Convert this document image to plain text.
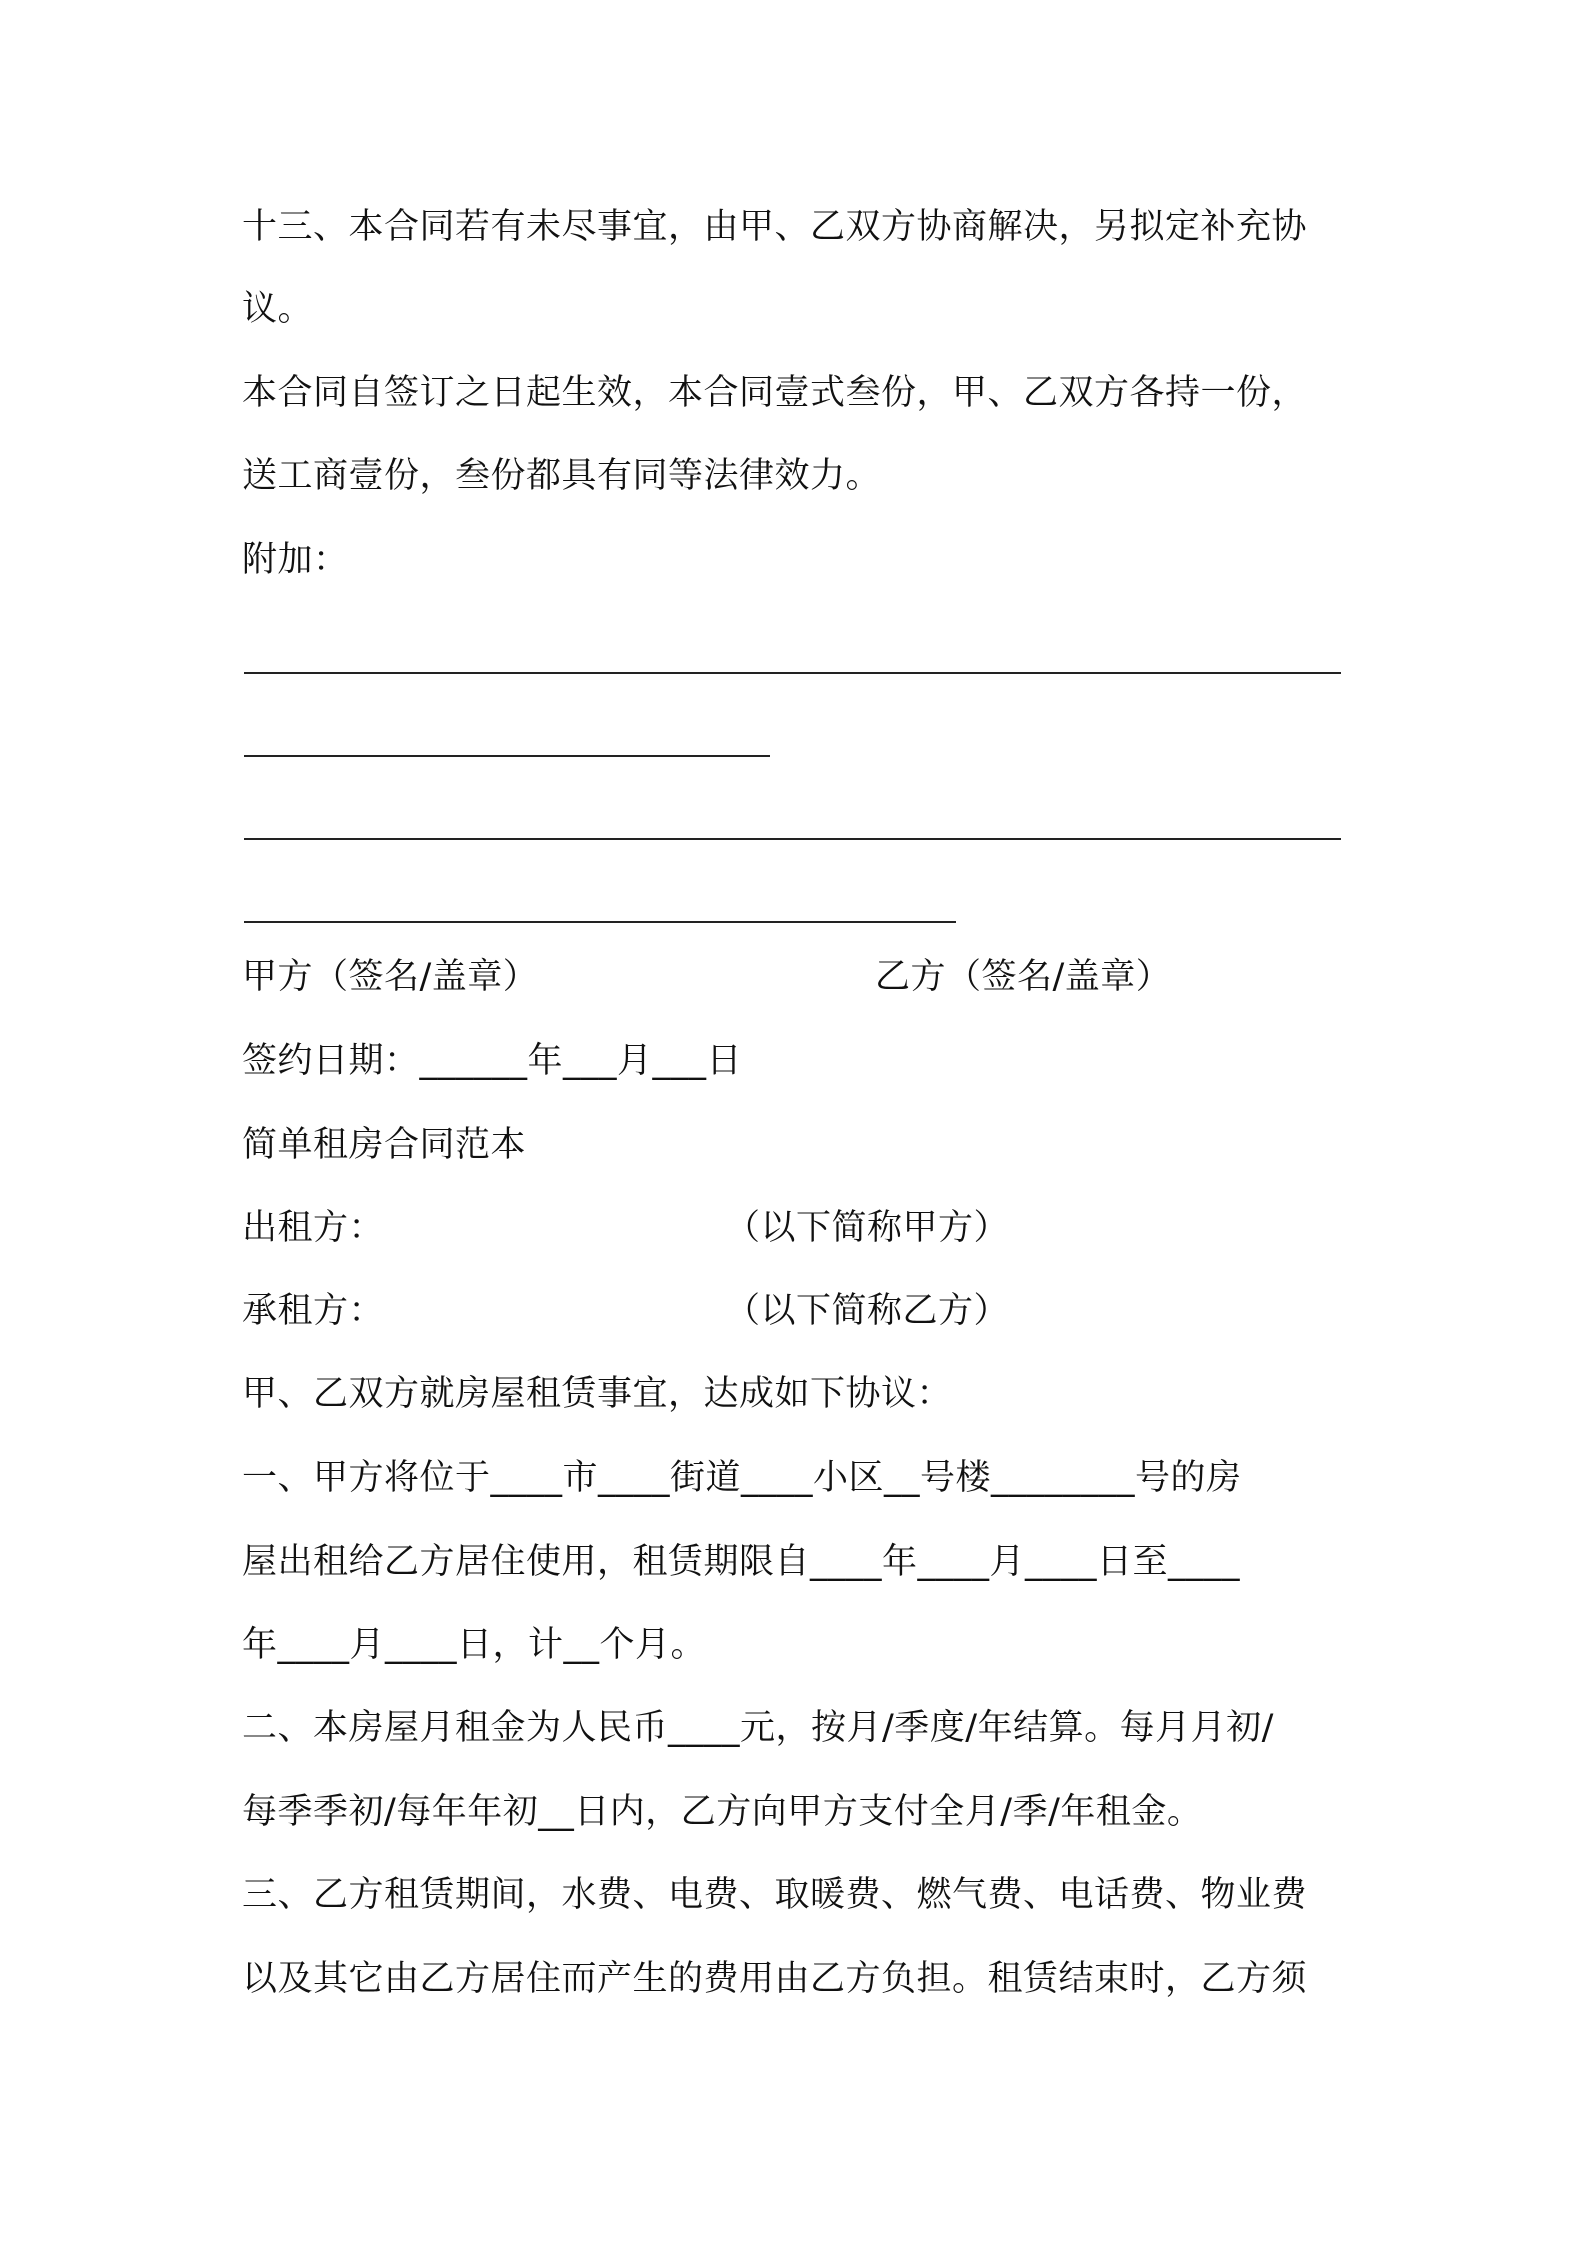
十三、本合同若有未尽事宜，由甲、乙双方协商解决，另拟定补充协
议。
本合同自签订之日起生效，本合同壹式叁份，甲、乙双方各持一份，
送工商壹份，叁份都具有同等法律效力。
附加：
甲方（签名/盖章）	乙方（签名/盖章）
签约日期：______年___月___日
简单租房合同范本
出租方：	（以下简称甲方）
承租方：	（以下简称乙方）
甲、乙双方就房屋租赁事宜，达成如下协议：
一、甲方将位于____市____街道____小区__号楼________号的房
屋出租给乙方居住使用，租赁期限自____年____月____日至____
年____月____日，计__个月。
二、本房屋月租金为人民币____元，按月/季度/年结算。每月月初/
每季季初/每年年初__日内，乙方向甲方支付全月/季/年租金。
三、乙方租赁期间，水费、电费、取暖费、燃气费、电话费、物业费
以及其它由乙方居住而产生的费用由乙方负担。租赁结束时，乙方须
